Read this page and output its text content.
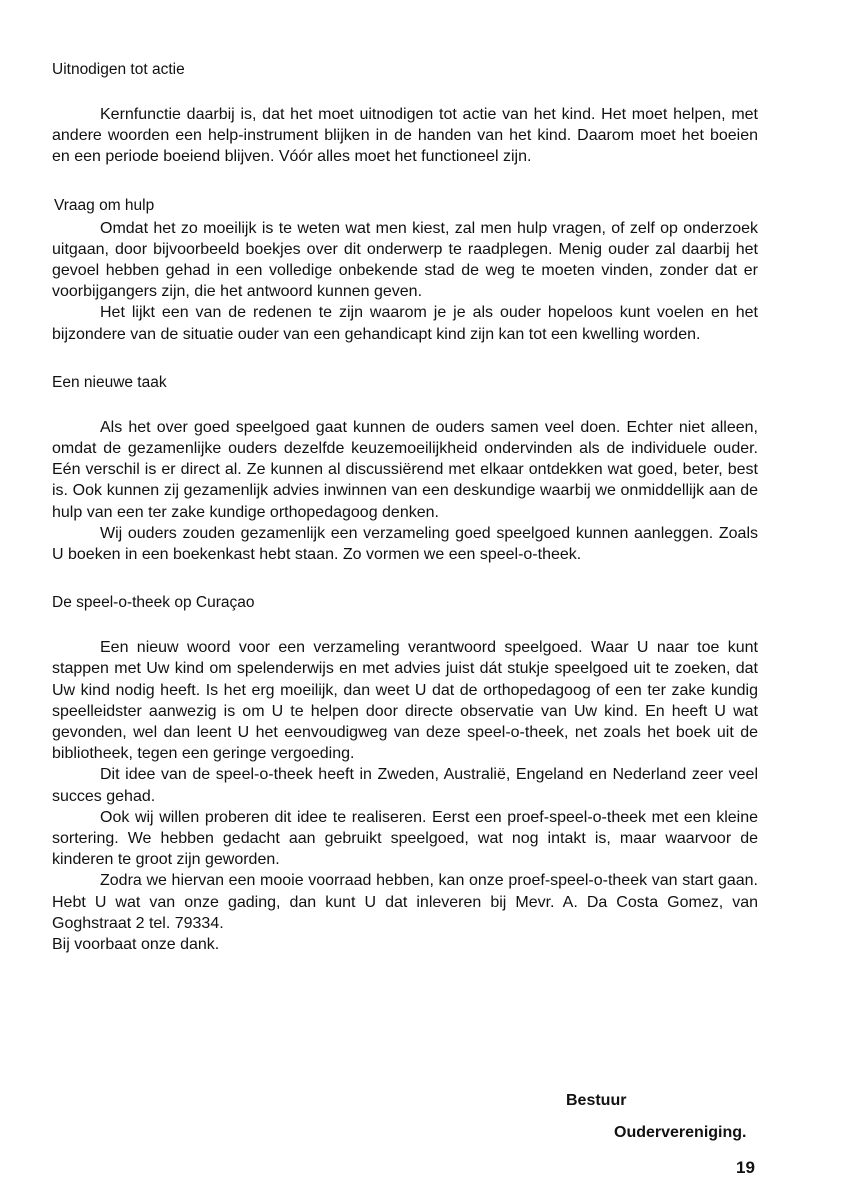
Uitnodigen tot actie

Kernfunctie daarbij is, dat het moet uitnodigen tot actie van het kind. Het moet helpen, met andere woorden een help-instrument blijken in de handen van het kind. Daarom moet het boeien en een periode boeiend blijven. Vóór alles moet het functioneel zijn.

Vraag om hulp

Omdat het zo moeilijk is te weten wat men kiest, zal men hulp vragen, of zelf op onderzoek uitgaan, door bijvoorbeeld boekjes over dit onderwerp te raadplegen. Menig ouder zal daarbij het gevoel hebben gehad in een volledige onbekende stad de weg te moeten vinden, zonder dat er voorbijgangers zijn, die het antwoord kunnen geven.

Het lijkt een van de redenen te zijn waarom je je als ouder hopeloos kunt voelen en het bijzondere van de situatie ouder van een gehandicapt kind zijn kan tot een kwelling worden.

Een nieuwe taak

Als het over goed speelgoed gaat kunnen de ouders samen veel doen. Echter niet alleen, omdat de gezamenlijke ouders dezelfde keuzemoeilijkheid ondervinden als de individuele ouder. Eén verschil is er direct al. Ze kunnen al discussiërend met elkaar ontdekken wat goed, beter, best is. Ook kunnen zij gezamenlijk advies inwinnen van een deskundige waarbij we onmiddellijk aan de hulp van een ter zake kundige orthopedagoog denken.

Wij ouders zouden gezamenlijk een verzameling goed speelgoed kunnen aanleggen. Zoals U boeken in een boekenkast hebt staan. Zo vormen we een speel-o-theek.

De speel-o-theek op Curaçao

Een nieuw woord voor een verzameling verantwoord speelgoed. Waar U naar toe kunt stappen met Uw kind om spelenderwijs en met advies juist dát stukje speelgoed uit te zoeken, dat Uw kind nodig heeft. Is het erg moeilijk, dan weet U dat de orthopedagoog of een ter zake kundig speelleidster aanwezig is om U te helpen door directe observatie van Uw kind. En heeft U wat gevonden, wel dan leent U het eenvoudigweg van deze speel-o-theek, net zoals het boek uit de bibliotheek, tegen een geringe vergoeding.

Dit idee van de speel-o-theek heeft in Zweden, Australië, Engeland en Nederland zeer veel succes gehad.

Ook wij willen proberen dit idee te realiseren. Eerst een proef-speel-o-theek met een kleine sortering. We hebben gedacht aan gebruikt speelgoed, wat nog intakt is, maar waarvoor de kinderen te groot zijn geworden.

Zodra we hiervan een mooie voorraad hebben, kan onze proef-speel-o-theek van start gaan. Hebt U wat van onze gading, dan kunt U dat inleveren bij Mevr. A. Da Costa Gomez, van Goghstraat 2 tel. 79334.

Bij voorbaat onze dank.

Bestuur
Oudervereniging.
19
